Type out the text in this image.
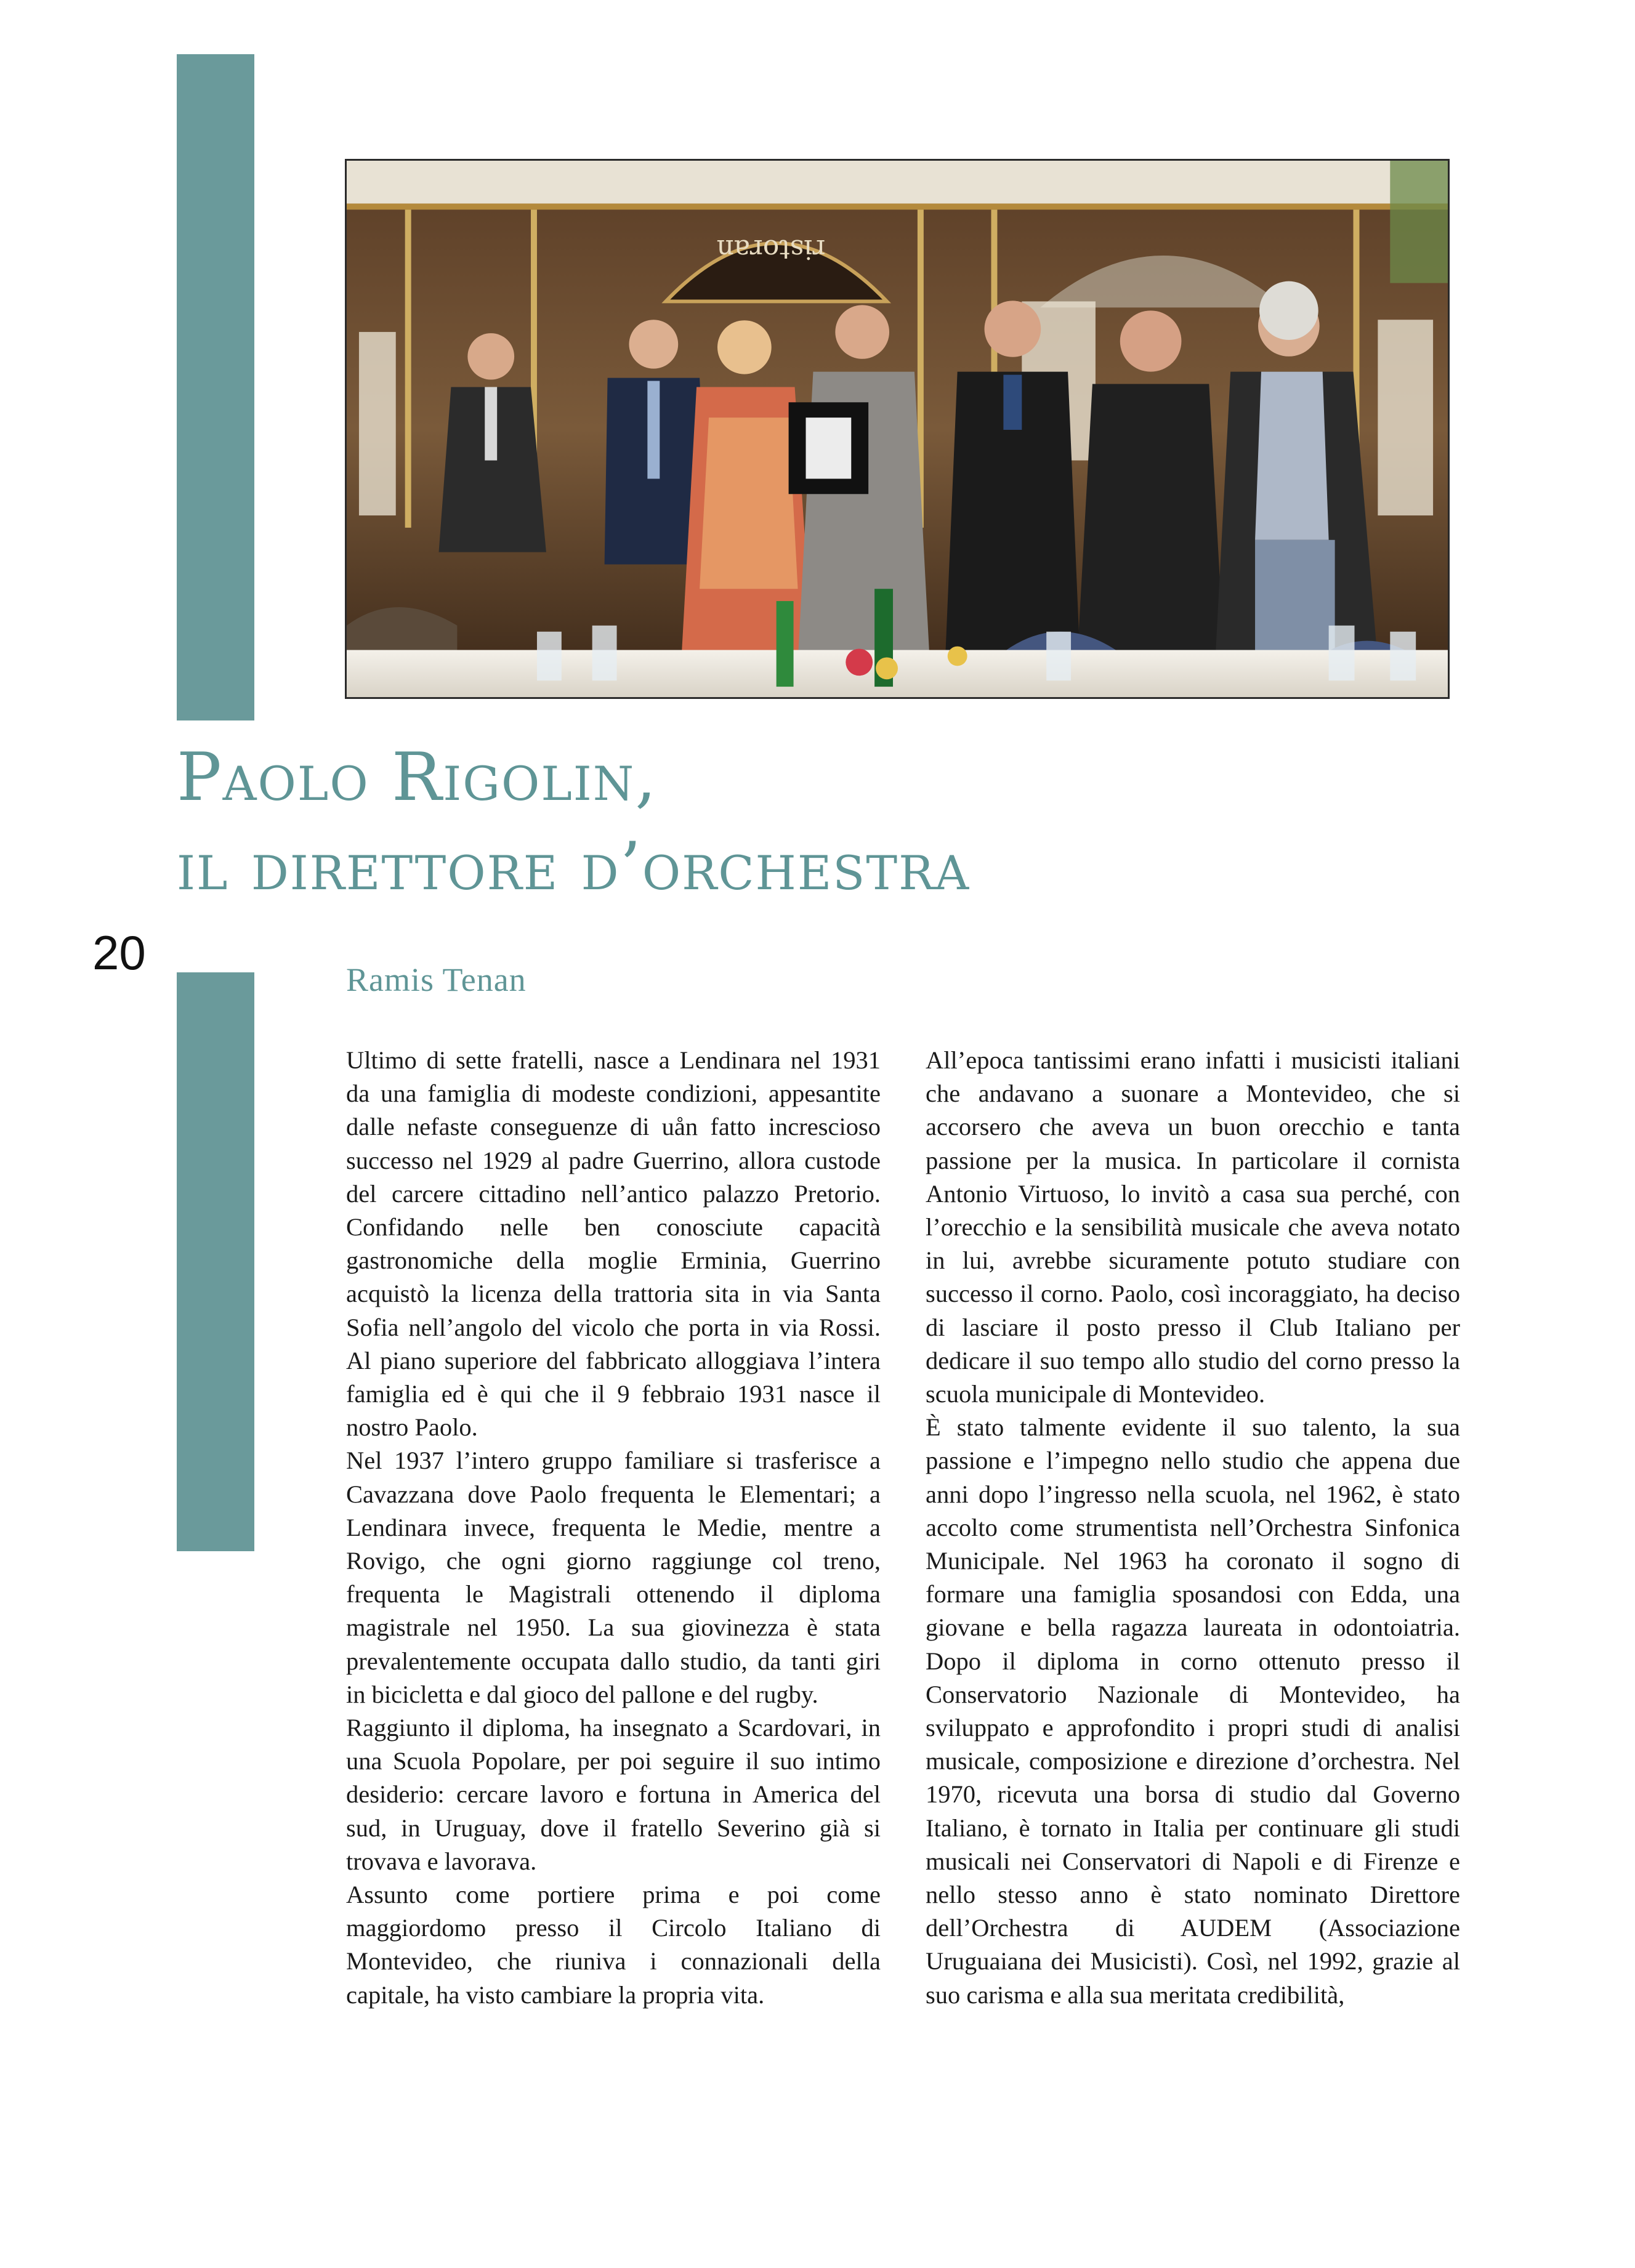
ristoran
Paolo Rigolin,
il direttore d’orchestra
20	Ramis Tenan

Ultimo di sette fratelli, nasce a Lendinara nel 1931 da una famiglia di modeste condizioni, appesantite dalle nefaste conseguenze di uån fatto increscioso successo nel 1929 al padre Guerrino, allora custode del carcere cittadino nell’antico palazzo Pretorio. Confidando nelle ben conosciute capacità gastronomiche della moglie Erminia, Guerrino acquistò la licenza della trattoria sita in via Santa Sofia nell’angolo del vicolo che porta in via Rossi. Al piano superiore del fabbricato alloggiava l’intera famiglia ed è qui che il 9 febbraio 1931 nasce il nostro Paolo.

Nel 1937 l’intero gruppo familiare si trasferisce a Cavazzana dove Paolo frequenta le Elementari; a Lendinara invece, frequenta le Medie, mentre a Rovigo, che ogni giorno raggiunge col treno, frequenta le Magistrali ottenendo il diploma magistrale nel 1950. La sua giovinezza è stata prevalentemente occupata dallo studio, da tanti giri in bicicletta e dal gioco del pallone e del rugby.

Raggiunto il diploma, ha insegnato a Scardovari, in una Scuola Popolare, per poi seguire il suo intimo desiderio: cercare lavoro e fortuna in America del sud, in Uruguay, dove il fratello Severino già si trovava e lavorava.

Assunto come portiere prima e poi come maggiordomo presso il Circolo Italiano di Montevideo, che riuniva i connazionali della capitale, ha visto cambiare la propria vita.

All’epoca tantissimi erano infatti i musicisti italiani che andavano a suonare a Montevideo, che si accorsero che aveva un buon orecchio e tanta passione per la musica. In particolare il cornista Antonio Virtuoso, lo invitò a casa sua perché, con l’orecchio e la sensibilità musicale che aveva notato in lui, avrebbe sicuramente potuto studiare con successo il corno. Paolo, così incoraggiato, ha deciso di lasciare il posto presso il Club Italiano per dedicare il suo tempo allo studio del corno presso la scuola municipale di Montevideo.

È stato talmente evidente il suo talento, la sua passione e l’impegno nello studio che appena due anni dopo l’ingresso nella scuola, nel 1962, è stato accolto come strumentista nell’Orchestra Sinfonica Municipale. Nel 1963 ha coronato il sogno di formare una famiglia sposandosi con Edda, una giovane e bella ragazza laureata in odontoiatria. Dopo il diploma in corno ottenuto presso il Conservatorio Nazionale di Montevideo, ha sviluppato e approfondito i propri studi di analisi musicale, composizione e direzione d’orchestra. Nel 1970, ricevuta una borsa di studio dal Governo Italiano, è tornato in Italia per continuare gli studi musicali nei Conservatori di Napoli e di Firenze e nello stesso anno è stato nominato Direttore dell’Orchestra di AUDEM (Associazione Uruguaiana dei Musicisti). Così, nel 1992, grazie al suo carisma e alla sua meritata credibilità,
